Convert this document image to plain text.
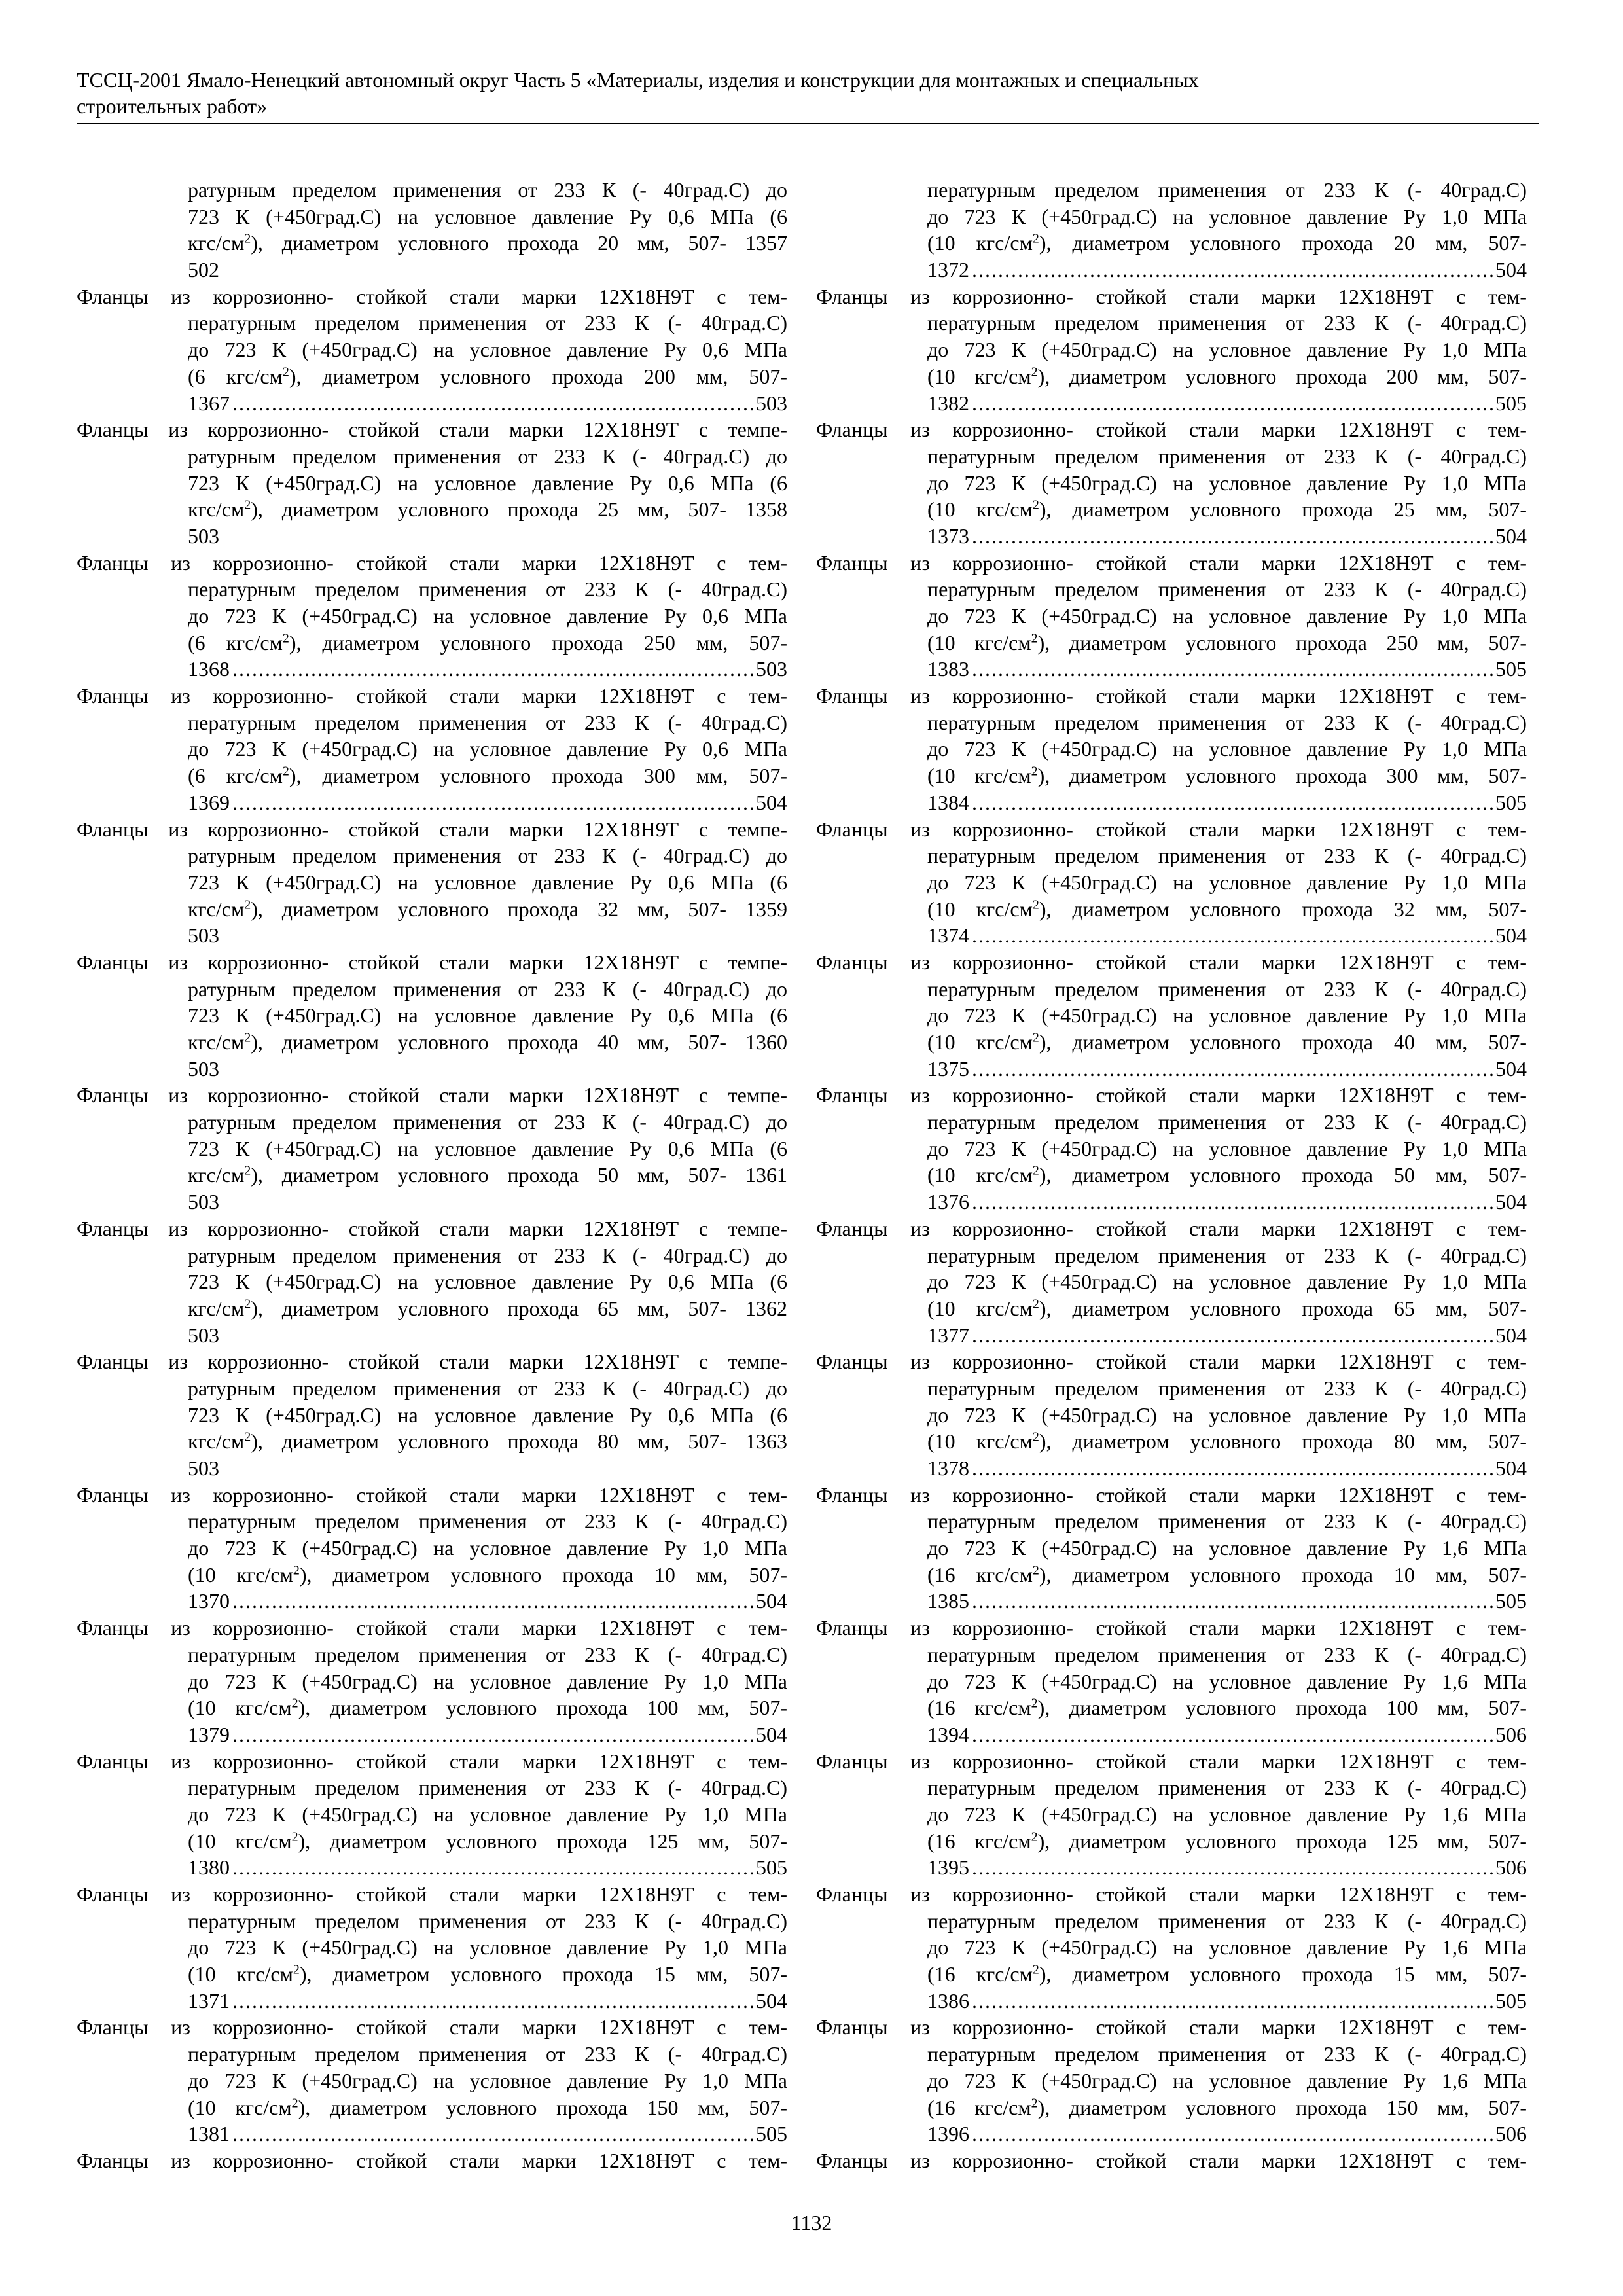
ТССЦ-2001 Ямало-Ненецкий автономный округ Часть 5 «Материалы, изделия и конструкции для монтажных и специальных
строительных работ»
ратурным пределом применения от 233 К (- 40град.С) до
723 К (+450град.С) на условное давление Ру 0,6 МПа (6
кгс/$см^2$), диаметром условного прохода 20 мм, 507- 1357
502
Фланцы из коррозионно- стойкой стали марки 12Х18Н9Т с тем-
пературным пределом применения от 233 К (- 40град.С)
до 723 К (+450град.С) на условное давление Ру 0,6 МПа
(6 кгс/$см^2$), диаметром условного прохода 200 мм, 507-
1367 . . .	503
Фланцы из коррозионно- стойкой стали марки 12Х18Н9Т с темпе-
ратурным пределом применения от 233 К (- 40град.С) до
723 К (+450град.С) на условное давление Ру 0,6 МПа (6
кгс/$см^2$), диаметром условного прохода 25 мм, 507- 1358
503
Фланцы из коррозионно- стойкой стали марки 12Х18Н9Т с тем-
пературным пределом применения от 233 К (- 40град.С)
до 723 К (+450град.С) на условное давление Ру 0,6 МПа
(6 кгс/$см^2$), диаметром условного прохода 250 мм, 507-
1368 . . .	503
Фланцы из коррозионно- стойкой стали марки 12Х18Н9Т с тем-
пературным пределом применения от 233 К (- 40град.С)
до 723 К (+450град.С) на условное давление Ру 0,6 МПа
(6 кгс/$см^2$), диаметром условного прохода 300 мм, 507-
1369 . . .	504
Фланцы из коррозионно- стойкой стали марки 12Х18Н9Т с темпе-
ратурным пределом применения от 233 К (- 40град.С) до
723 К (+450град.С) на условное давление Ру 0,6 МПа (6
кгс/$см^2$), диаметром условного прохода 32 мм, 507- 1359
503
Фланцы из коррозионно- стойкой стали марки 12Х18Н9Т с темпе-
ратурным пределом применения от 233 К (- 40град.С) до
723 К (+450град.С) на условное давление Ру 0,6 МПа (6
кгс/$см^2$), диаметром условного прохода 40 мм, 507- 1360
503
Фланцы из коррозионно- стойкой стали марки 12Х18Н9Т с темпе-
ратурным пределом применения от 233 К (- 40град.С) до
723 К (+450град.С) на условное давление Ру 0,6 МПа (6
кгс/$см^2$), диаметром условного прохода 50 мм, 507- 1361
503
Фланцы из коррозионно- стойкой стали марки 12Х18Н9Т с темпе-
ратурным пределом применения от 233 К (- 40град.С) до
723 К (+450град.С) на условное давление Ру 0,6 МПа (6
кгс/$см^2$), диаметром условного прохода 65 мм, 507- 1362
503
Фланцы из коррозионно- стойкой стали марки 12Х18Н9Т с темпе-
ратурным пределом применения от 233 К (- 40град.С) до
723 К (+450град.С) на условное давление Ру 0,6 МПа (6
кгс/$см^2$), диаметром условного прохода 80 мм, 507- 1363
503
Фланцы из коррозионно- стойкой стали марки 12Х18Н9Т с тем-
пературным пределом применения от 233 К (- 40град.С)
до 723 К (+450град.С) на условное давление Ру 1,0 МПа
(10 кгс/$см^2$), диаметром условного прохода 10 мм, 507-
1370 . . .	504
Фланцы из коррозионно- стойкой стали марки 12Х18Н9Т с тем-
пературным пределом применения от 233 К (- 40град.С)
до 723 К (+450град.С) на условное давление Ру 1,0 МПа
(10 кгс/$см^2$), диаметром условного прохода 100 мм, 507-
1379 . . .	504
Фланцы из коррозионно- стойкой стали марки 12Х18Н9Т с тем-
пературным пределом применения от 233 К (- 40град.С)
до 723 К (+450град.С) на условное давление Ру 1,0 МПа
(10 кгс/$см^2$), диаметром условного прохода 125 мм, 507-
1380 . . .	505
Фланцы из коррозионно- стойкой стали марки 12Х18Н9Т с тем-
пературным пределом применения от 233 К (- 40град.С)
до 723 К (+450град.С) на условное давление Ру 1,0 МПа
(10 кгс/$см^2$), диаметром условного прохода 15 мм, 507-
1371 . . .	504
Фланцы из коррозионно- стойкой стали марки 12Х18Н9Т с тем-
пературным пределом применения от 233 К (- 40град.С)
до 723 К (+450град.С) на условное давление Ру 1,0 МПа
(10 кгс/$см^2$), диаметром условного прохода 150 мм, 507-
1381 . . .	505
Фланцы из коррозионно- стойкой стали марки 12Х18Н9Т с тем-
пературным пределом применения от 233 К (- 40град.С)
до 723 К (+450град.С) на условное давление Ру 1,0 МПа
(10 кгс/$см^2$), диаметром условного прохода 20 мм, 507-
1372 . . .	504
Фланцы из коррозионно- стойкой стали марки 12Х18Н9Т с тем-
пературным пределом применения от 233 К (- 40град.С)
до 723 К (+450град.С) на условное давление Ру 1,0 МПа
(10 кгс/$см^2$), диаметром условного прохода 200 мм, 507-
1382 . . .	505
Фланцы из коррозионно- стойкой стали марки 12Х18Н9Т с тем-
пературным пределом применения от 233 К (- 40град.С)
до 723 К (+450град.С) на условное давление Ру 1,0 МПа
(10 кгс/$см^2$), диаметром условного прохода 25 мм, 507-
1373 . . .	504
Фланцы из коррозионно- стойкой стали марки 12Х18Н9Т с тем-
пературным пределом применения от 233 К (- 40град.С)
до 723 К (+450град.С) на условное давление Ру 1,0 МПа
(10 кгс/$см^2$), диаметром условного прохода 250 мм, 507-
1383 . . .	505
Фланцы из коррозионно- стойкой стали марки 12Х18Н9Т с тем-
пературным пределом применения от 233 К (- 40град.С)
до 723 К (+450град.С) на условное давление Ру 1,0 МПа
(10 кгс/$см^2$), диаметром условного прохода 300 мм, 507-
1384 . . .	505
Фланцы из коррозионно- стойкой стали марки 12Х18Н9Т с тем-
пературным пределом применения от 233 К (- 40град.С)
до 723 К (+450град.С) на условное давление Ру 1,0 МПа
(10 кгс/$см^2$), диаметром условного прохода 32 мм, 507-
1374 . . .	504
Фланцы из коррозионно- стойкой стали марки 12Х18Н9Т с тем-
пературным пределом применения от 233 К (- 40град.С)
до 723 К (+450град.С) на условное давление Ру 1,0 МПа
(10 кгс/$см^2$), диаметром условного прохода 40 мм, 507-
1375 . . .	504
Фланцы из коррозионно- стойкой стали марки 12Х18Н9Т с тем-
пературным пределом применения от 233 К (- 40град.С)
до 723 К (+450град.С) на условное давление Ру 1,0 МПа
(10 кгс/$см^2$), диаметром условного прохода 50 мм, 507-
1376 . . .	504
Фланцы из коррозионно- стойкой стали марки 12Х18Н9Т с тем-
пературным пределом применения от 233 К (- 40град.С)
до 723 К (+450град.С) на условное давление Ру 1,0 МПа
(10 кгс/$см^2$), диаметром условного прохода 65 мм, 507-
1377 . . .	504
Фланцы из коррозионно- стойкой стали марки 12Х18Н9Т с тем-
пературным пределом применения от 233 К (- 40град.С)
до 723 К (+450град.С) на условное давление Ру 1,0 МПа
(10 кгс/$см^2$), диаметром условного прохода 80 мм, 507-
1378 . . .	504
Фланцы из коррозионно- стойкой стали марки 12Х18Н9Т с тем-
пературным пределом применения от 233 К (- 40град.С)
до 723 К (+450град.С) на условное давление Ру 1,6 МПа
(16 кгс/$см^2$), диаметром условного прохода 10 мм, 507-
1385 . . .	505
Фланцы из коррозионно- стойкой стали марки 12Х18Н9Т с тем-
пературным пределом применения от 233 К (- 40град.С)
до 723 К (+450град.С) на условное давление Ру 1,6 МПа
(16 кгс/$см^2$), диаметром условного прохода 100 мм, 507-
1394 . . .	506
Фланцы из коррозионно- стойкой стали марки 12Х18Н9Т с тем-
пературным пределом применения от 233 К (- 40град.С)
до 723 К (+450град.С) на условное давление Ру 1,6 МПа
(16 кгс/$см^2$), диаметром условного прохода 125 мм, 507-
1395 . . .	506
Фланцы из коррозионно- стойкой стали марки 12Х18Н9Т с тем-
пературным пределом применения от 233 К (- 40град.С)
до 723 К (+450град.С) на условное давление Ру 1,6 МПа
(16 кгс/$см^2$), диаметром условного прохода 15 мм, 507-
1386 . . .	505
Фланцы из коррозионно- стойкой стали марки 12Х18Н9Т с тем-
пературным пределом применения от 233 К (- 40град.С)
до 723 К (+450град.С) на условное давление Ру 1,6 МПа
(16 кгс/$см^2$), диаметром условного прохода 150 мм, 507-
1396 . . .	506
Фланцы из коррозионно- стойкой стали марки 12Х18Н9Т с тем-
1132
